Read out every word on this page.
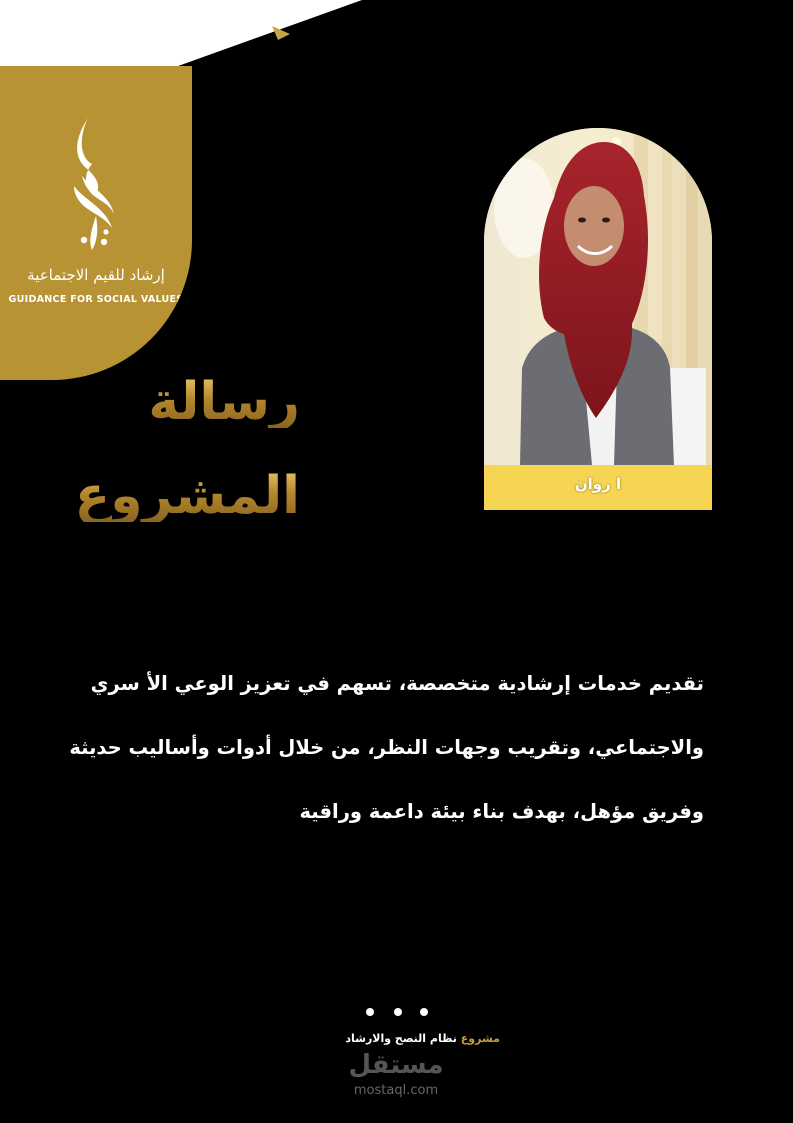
إرشاد للقيم الاجتماعية
GUIDANCE FOR SOCIAL VALUES
رسالة
المشروع	ا روان
تقديم خدمات إرشادية متخصصة، تسهم في تعزيز الوعي الأ سري
والاجتماعي، وتقريب وجهات النظر، من خلال أدوات وأساليب حديثة
وفريق مؤهل، بهدف بناء بيئة داعمة وراقية
مشروع نظام النصح والارشاد
مستقل
mostaql.com
